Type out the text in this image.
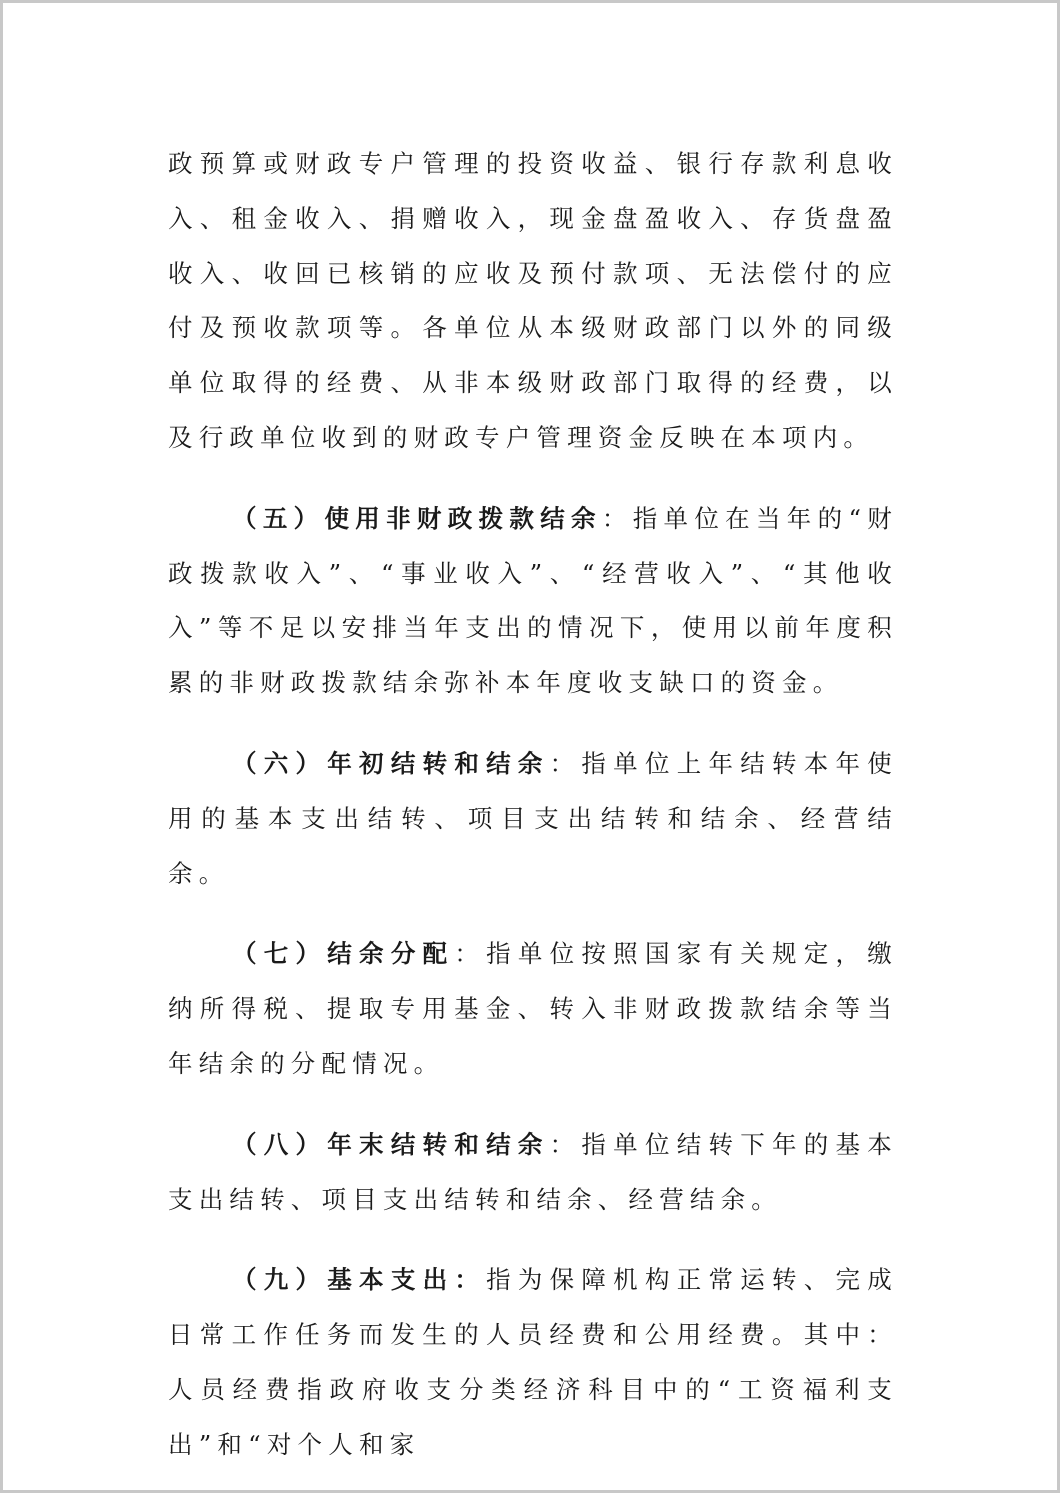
政预算或财政专户管理的投资收益、银行存款利息收入、租金收入、捐赠收入，现金盘盈收入、存货盘盈收入、收回已核销的应收及预付款项、无法偿付的应付及预收款项等。各单位从本级财政部门以外的同级单位取得的经费、从非本级财政部门取得的经费，以及行政单位收到的财政专户管理资金反映在本项内。

（五）使用非财政拨款结余：指单位在当年的“财政拨款收入”、“事业收入”、“经营收入”、“其他收入”等不足以安排当年支出的情况下，使用以前年度积累的非财政拨款结余弥补本年度收支缺口的资金。

（六）年初结转和结余：指单位上年结转本年使用的基本支出结转、项目支出结转和结余、经营结余。

（七）结余分配：指单位按照国家有关规定，缴纳所得税、提取专用基金、转入非财政拨款结余等当年结余的分配情况。

（八）年末结转和结余：指单位结转下年的基本支出结转、项目支出结转和结余、经营结余。

（九）基本支出：指为保障机构正常运转、完成日常工作任务而发生的人员经费和公用经费。其中：人员经费指政府收支分类经济科目中的“工资福利支出”和“对个人和家
